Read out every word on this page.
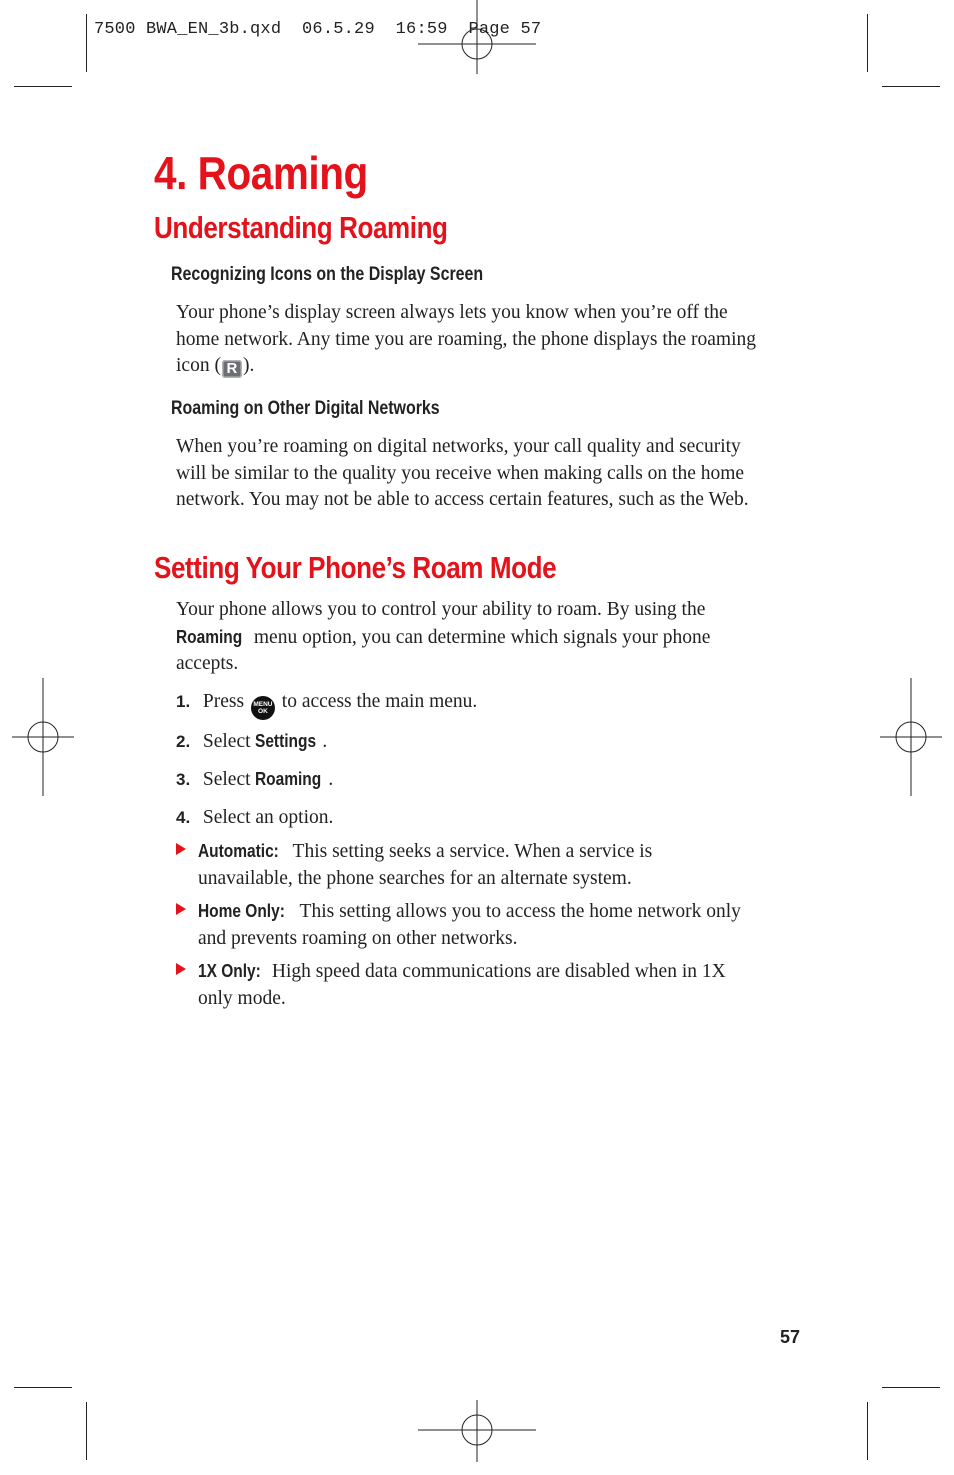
7500 BWA_EN_3b.qxd  06.5.29  16:59  Page 57
4. Roaming
Understanding Roaming
Recognizing Icons on the Display Screen

Your phone’s display screen always lets you know when you’re off the home network. Any time you are roaming, the phone displays the roaming icon ( R ).

Roaming on Other Digital Networks

When you’re roaming on digital networks, your call quality and security will be similar to the quality you receive when making calls on the home network. You may not be able to access certain features, such as the Web.

Setting Your Phone’s Roam Mode

Your phone allows you to control your ability to roam. By using the Roaming menu option, you can determine which signals your phone accepts.

1. Press MENU
OK to access the main menu.
2. Select Settings .
3. Select Roaming .
4. Select an option.
Automatic: This setting seeks a service. When a service is unavailable, the phone searches for an alternate system.
Home Only: This setting allows you to access the home network only and prevents roaming on other networks.
1X Only: High speed data communications are disabled when in 1X only mode.
57
